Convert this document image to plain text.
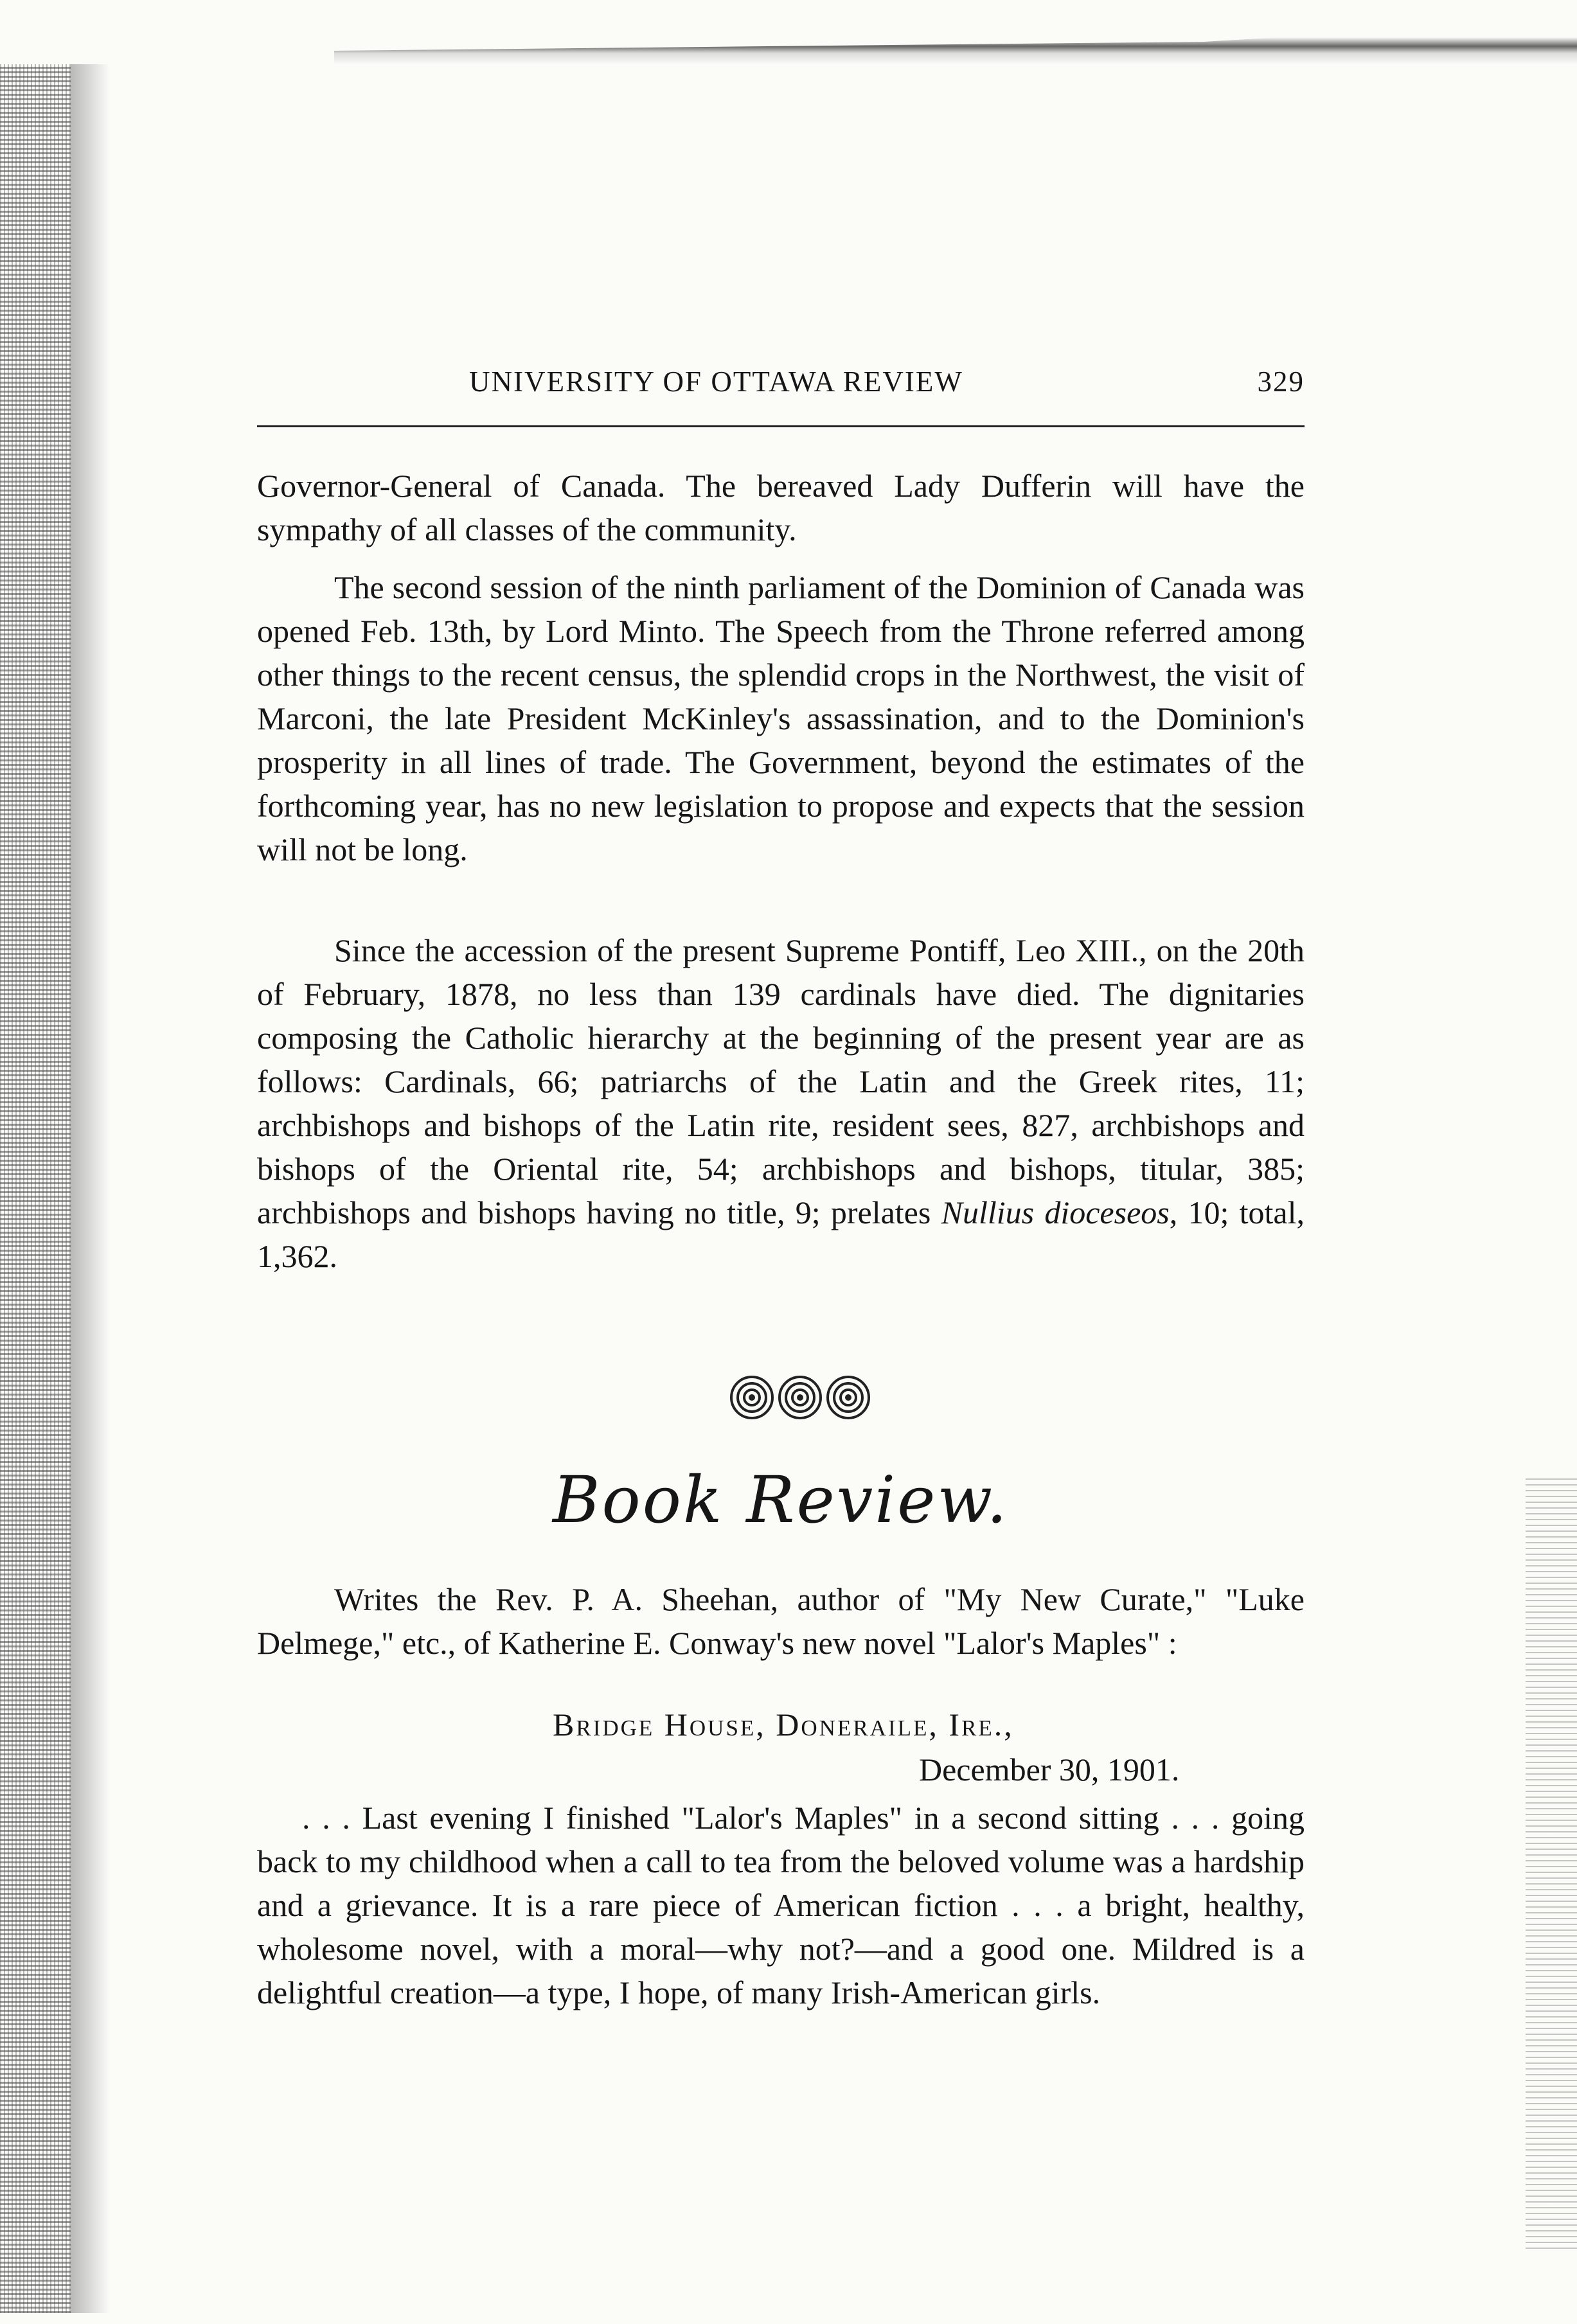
UNIVERSITY OF OTTAWA REVIEW	329

Governor-General of Canada. The bereaved Lady Dufferin will have the sympathy of all classes of the community.

The second session of the ninth parliament of the Dominion of Canada was opened Feb. 13th, by Lord Minto. The Speech from the Throne referred among other things to the recent census, the splendid crops in the Northwest, the visit of Marconi, the late President McKinley's assassination, and to the Dominion's prosperity in all lines of trade. The Government, beyond the estimates of the forthcoming year, has no new legislation to propose and expects that the session will not be long.

Since the accession of the present Supreme Pontiff, Leo XIII., on the 20th of February, 1878, no less than 139 cardinals have died. The dignitaries composing the Catholic hierarchy at the beginning of the present year are as follows: Cardinals, 66; patriarchs of the Latin and the Greek rites, 11; archbishops and bishops of the Latin rite, resident sees, 827, archbishops and bishops of the Oriental rite, 54; archbishops and bishops, titular, 385; archbishops and bishops having no title, 9; prelates Nullius dioceseos, 10; total, 1,362.

Book Review.

Writes the Rev. P. A. Sheehan, author of "My New Curate," "Luke Delmege," etc., of Katherine E. Conway's new novel "Lalor's Maples" :

Bridge House, Doneraile, Ire.,
December 30, 1901.

. . . Last evening I finished "Lalor's Maples" in a second sitting . . . going back to my childhood when a call to tea from the beloved volume was a hardship and a grievance. It is a rare piece of American fiction . . . a bright, healthy, wholesome novel, with a moral—why not?—and a good one. Mildred is a delightful creation—a type, I hope, of many Irish-American girls.
